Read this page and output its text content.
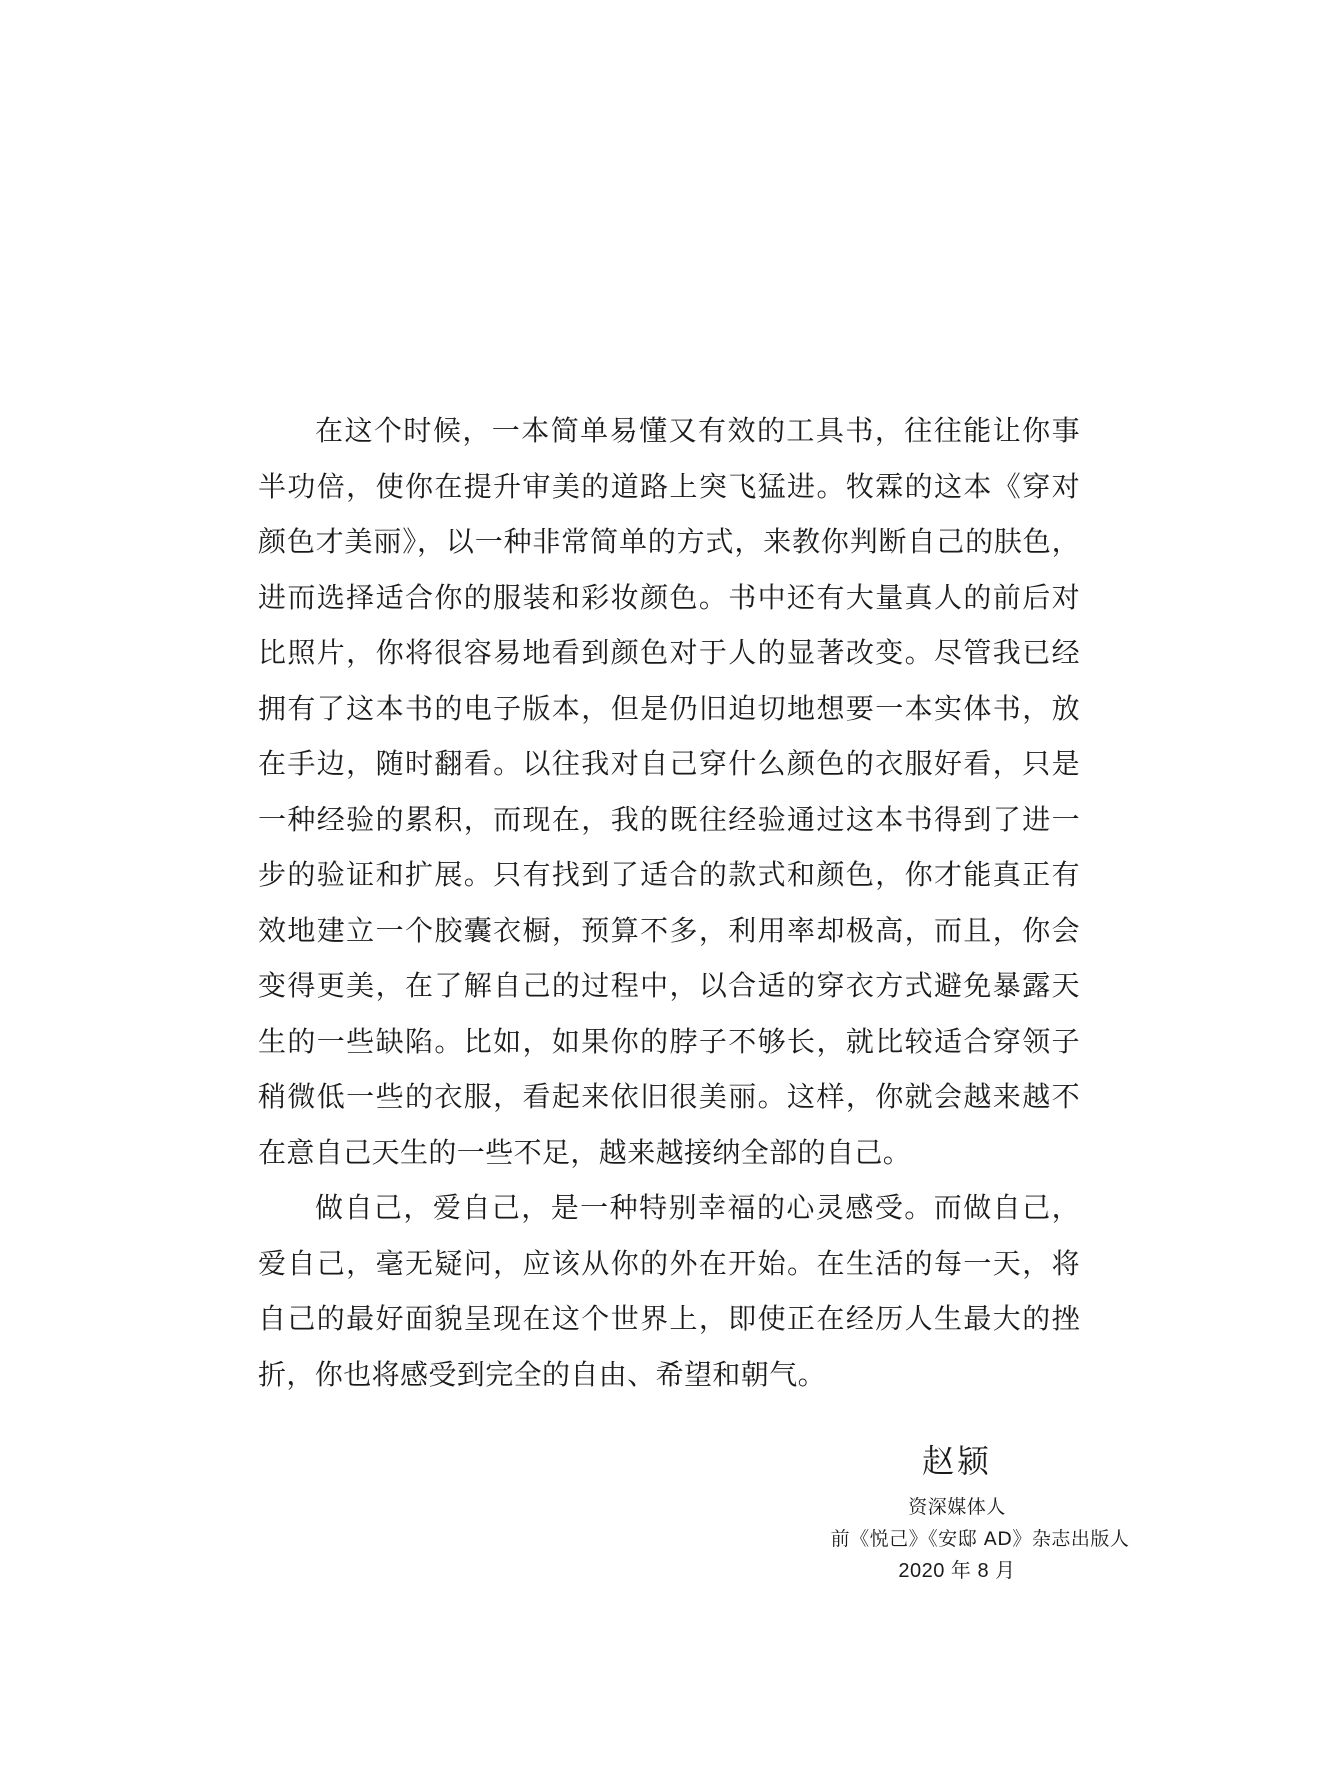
在这个时候，一本简单易懂又有效的工具书，往往能让你事半功倍，使你在提升审美的道路上突飞猛进。牧霖的这本《穿对颜色才美丽》，以一种非常简单的方式，来教你判断自己的肤色，进而选择适合你的服装和彩妆颜色。书中还有大量真人的前后对比照片，你将很容易地看到颜色对于人的显著改变。尽管我已经拥有了这本书的电子版本，但是仍旧迫切地想要一本实体书，放在手边，随时翻看。以往我对自己穿什么颜色的衣服好看，只是一种经验的累积，而现在，我的既往经验通过这本书得到了进一步的验证和扩展。只有找到了适合的款式和颜色，你才能真正有效地建立一个胶囊衣橱，预算不多，利用率却极高，而且，你会变得更美，在了解自己的过程中，以合适的穿衣方式避免暴露天生的一些缺陷。比如，如果你的脖子不够长，就比较适合穿领子稍微低一些的衣服，看起来依旧很美丽。这样，你就会越来越不在意自己天生的一些不足，越来越接纳全部的自己。

做自己，爱自己，是一种特别幸福的心灵感受。而做自己，爱自己，毫无疑问，应该从你的外在开始。在生活的每一天，将自己的最好面貌呈现在这个世界上，即使正在经历人生最大的挫折，你也将感受到完全的自由、希望和朝气。

赵颍
资深媒体人
前《悦己》《安邸 AD》杂志出版人
2020 年 8 月
